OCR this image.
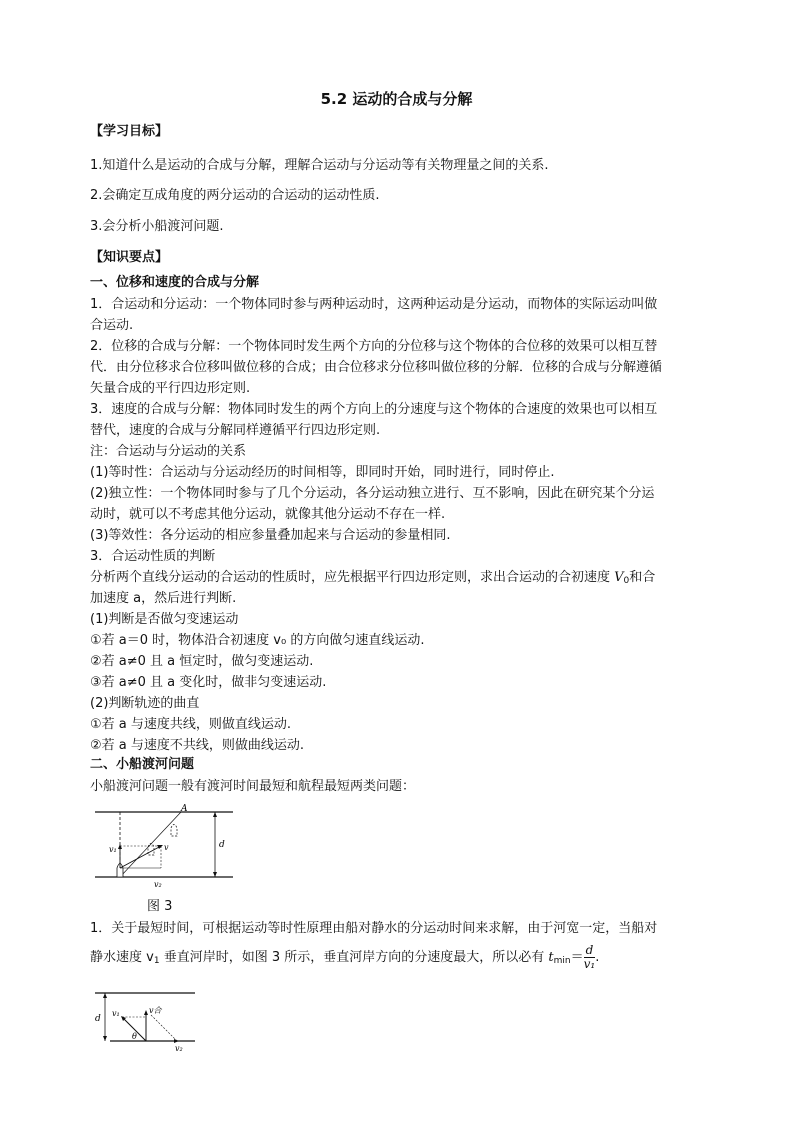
5.2 运动的合成与分解
【学习目标】
1.知道什么是运动的合成与分解，理解合运动与分运动等有关物理量之间的关系.
2.会确定互成角度的两分运动的合运动的运动性质.
3.会分析小船渡河问题.
【知识要点】
一、位移和速度的合成与分解
1．合运动和分运动：一个物体同时参与两种运动时，这两种运动是分运动，而物体的实际运动叫做
合运动.
2．位移的合成与分解：一个物体同时发生两个方向的分位移与这个物体的合位移的效果可以相互替
代．由分位移求合位移叫做位移的合成；由合位移求分位移叫做位移的分解．位移的合成与分解遵循
矢量合成的平行四边形定则.
3．速度的合成与分解：物体同时发生的两个方向上的分速度与这个物体的合速度的效果也可以相互
替代，速度的合成与分解同样遵循平行四边形定则.
注：合运动与分运动的关系
(1)等时性：合运动与分运动经历的时间相等，即同时开始，同时进行，同时停止.
(2)独立性：一个物体同时参与了几个分运动，各分运动独立进行、互不影响，因此在研究某个分运
动时，就可以不考虑其他分运动，就像其他分运动不存在一样.
(3)等效性：各分运动的相应参量叠加起来与合运动的参量相同.
3．合运动性质的判断
分析两个直线分运动的合运动的性质时，应先根据平行四边形定则，求出合运动的合初速度 $V_0$和合
加速度 a，然后进行判断.
(1)判断是否做匀变速运动
①若 a＝0 时，物体沿合初速度 v₀ 的方向做匀速直线运动.
②若 a≠0 且 a 恒定时，做匀变速运动.
③若 a≠0 且 a 变化时，做非匀变速运动.
(2)判断轨迹的曲直
①若 a 与速度共线，则做直线运动.
②若 a 与速度不共线，则做曲线运动.
二、小船渡河问题
小船渡河问题一般有渡河时间最短和航程最短两类问题：
A
v₁	v
v₂
d
图 3
1．关于最短时间，可根据运动等时性原理由船对静水的分运动时间来求解，由于河宽一定，当船对
静水速度 $v_1$ 垂直河岸时，如图 3 所示，垂直河岸方向的分速度最大，所以必有 $t_{min}= \frac{d}{\text{v₁}}$ .
d
v₁	v合
θ
v₂
